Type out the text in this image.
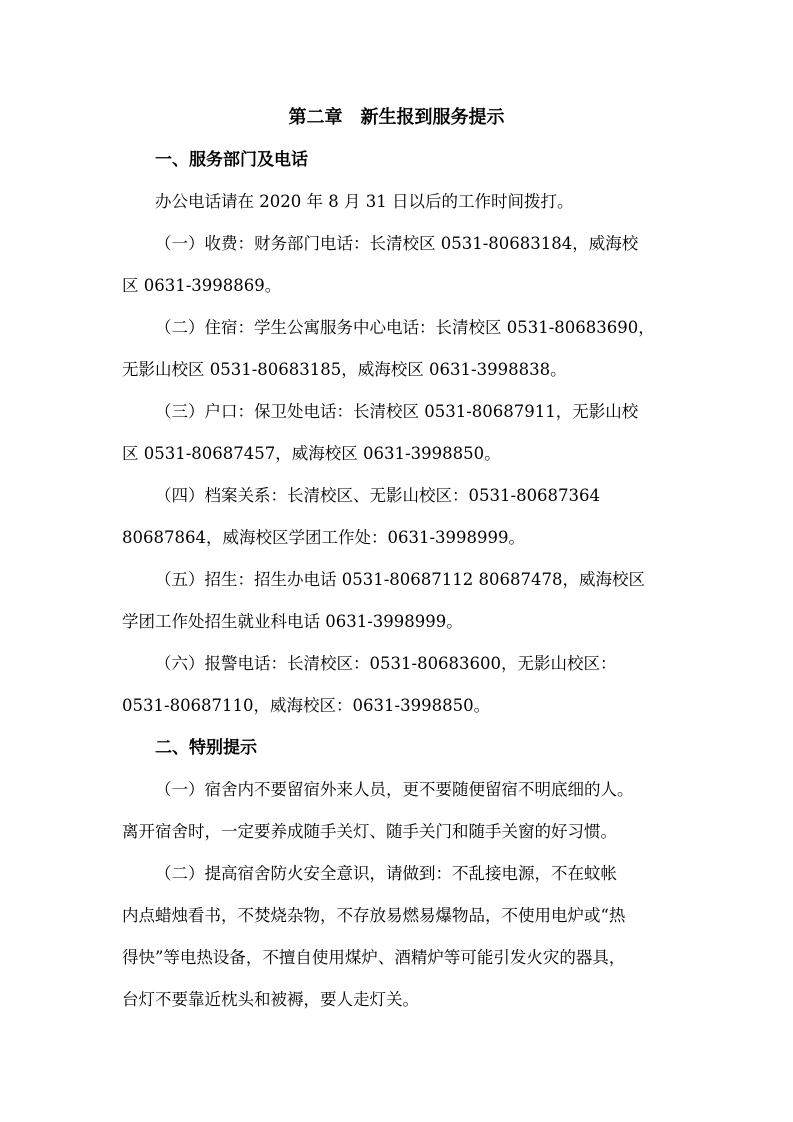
第二章　新生报到服务提示
一、服务部门及电话
办公电话请在 2020 年 8 月 31 日以后的工作时间拨打。
（一）收费：财务部门电话：长清校区 0531-80683184，威海校
区 0631-3998869。
（二）住宿：学生公寓服务中心电话：长清校区 0531-80683690，
无影山校区 0531-80683185，威海校区 0631-3998838。
（三）户口：保卫处电话：长清校区 0531-80687911，无影山校
区 0531-80687457，威海校区 0631-3998850。
（四）档案关系：长清校区、无影山校区：0531-80687364
80687864，威海校区学团工作处：0631-3998999。
（五）招生：招生办电话 0531-80687112 80687478，威海校区
学团工作处招生就业科电话 0631-3998999。
（六）报警电话：长清校区：0531-80683600，无影山校区：
0531-80687110，威海校区：0631-3998850。
二、特别提示
（一）宿舍内不要留宿外来人员，更不要随便留宿不明底细的人。
离开宿舍时，一定要养成随手关灯、随手关门和随手关窗的好习惯。
（二）提高宿舍防火安全意识，请做到：不乱接电源，不在蚊帐
内点蜡烛看书，不焚烧杂物，不存放易燃易爆物品，不使用电炉或“热
得快”等电热设备，不擅自使用煤炉、酒精炉等可能引发火灾的器具，
台灯不要靠近枕头和被褥，要人走灯关。
